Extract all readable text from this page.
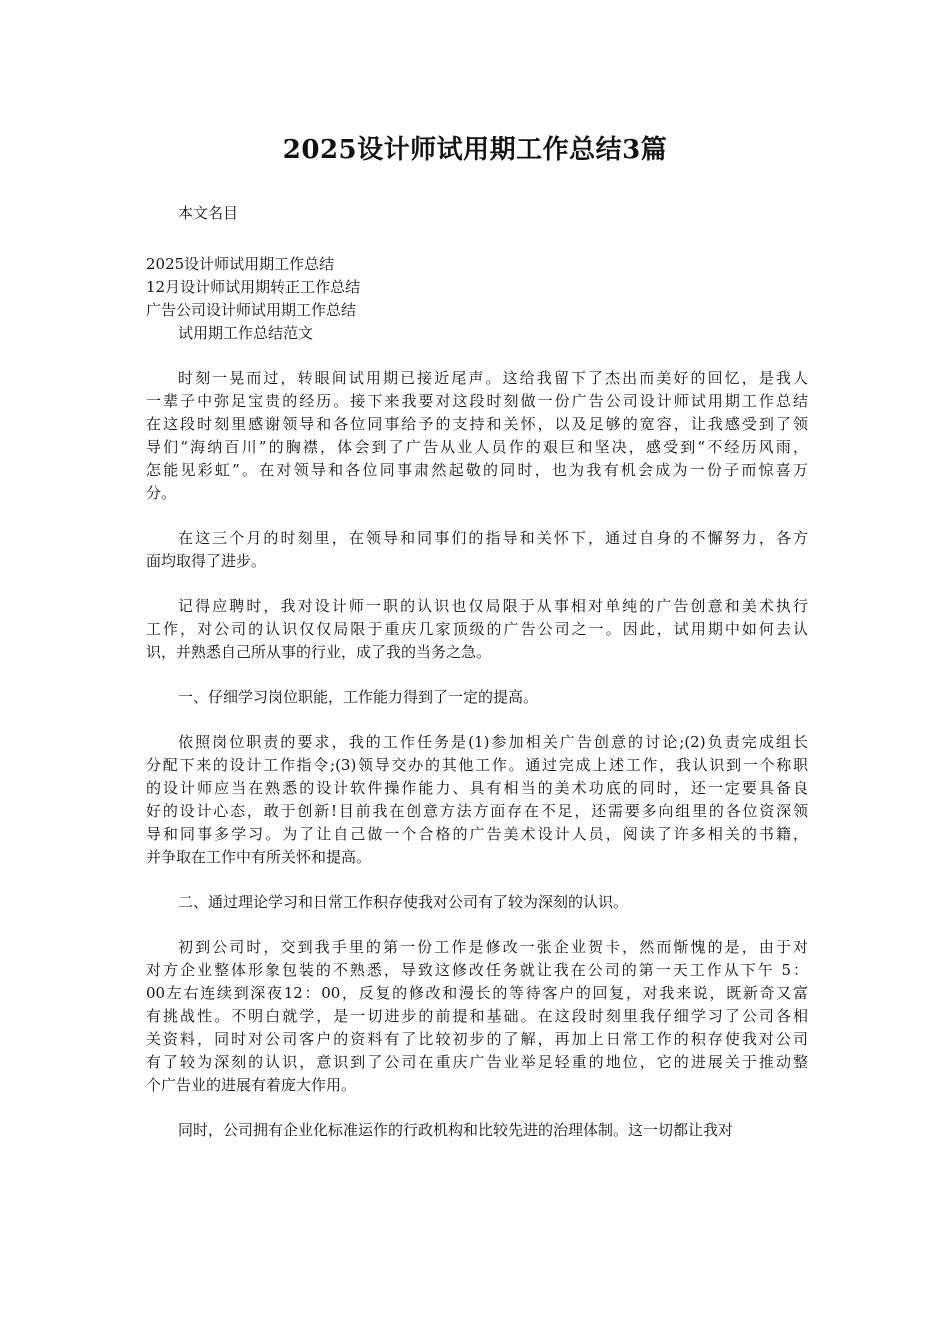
2025设计师试用期工作总结3篇
本文名目
2025设计师试用期工作总结
12月设计师试用期转正工作总结
广告公司设计师试用期工作总结
试用期工作总结范文
时刻一晃而过，转眼间试用期已接近尾声。这给我留下了杰出而美好的回忆，是我人
一辈子中弥足宝贵的经历。接下来我要对这段时刻做一份广告公司设计师试用期工作总结
在这段时刻里感谢领导和各位同事给予的支持和关怀，以及足够的宽容，让我感受到了领
导们“海纳百川”的胸襟，体会到了广告从业人员作的艰巨和坚决，感受到“不经历风雨，
怎能见彩虹”。在对领导和各位同事肃然起敬的同时，也为我有机会成为一份子而惊喜万
分。
在这三个月的时刻里，在领导和同事们的指导和关怀下，通过自身的不懈努力，各方
面均取得了进步。
记得应聘时，我对设计师一职的认识也仅局限于从事相对单纯的广告创意和美术执行
工作，对公司的认识仅仅局限于重庆几家顶级的广告公司之一。因此，试用期中如何去认
识，并熟悉自己所从事的行业，成了我的当务之急。
一、仔细学习岗位职能，工作能力得到了一定的提高。
依照岗位职责的要求，我的工作任务是(1)参加相关广告创意的讨论;(2)负责完成组长
分配下来的设计工作指令;(3)领导交办的其他工作。通过完成上述工作，我认识到一个称职
的设计师应当在熟悉的设计软件操作能力、具有相当的美术功底的同时，还一定要具备良
好的设计心态，敢于创新!目前我在创意方法方面存在不足，还需要多向组里的各位资深领
导和同事多学习。为了让自己做一个合格的广告美术设计人员，阅读了许多相关的书籍，
并争取在工作中有所关怀和提高。
二、通过理论学习和日常工作积存使我对公司有了较为深刻的认识。
初到公司时，交到我手里的第一份工作是修改一张企业贺卡，然而惭愧的是，由于对
对方企业整体形象包装的不熟悉，导致这修改任务就让我在公司的第一天工作从下午 5：
00左右连续到深夜12：00，反复的修改和漫长的等待客户的回复，对我来说，既新奇又富
有挑战性。不明白就学，是一切进步的前提和基础。在这段时刻里我仔细学习了公司各相
关资料，同时对公司客户的资料有了比较初步的了解，再加上日常工作的积存使我对公司
有了较为深刻的认识，意识到了公司在重庆广告业举足轻重的地位，它的进展关于推动整
个广告业的进展有着庞大作用。
同时，公司拥有企业化标准运作的行政机构和比较先进的治理体制。这一切都让我对
